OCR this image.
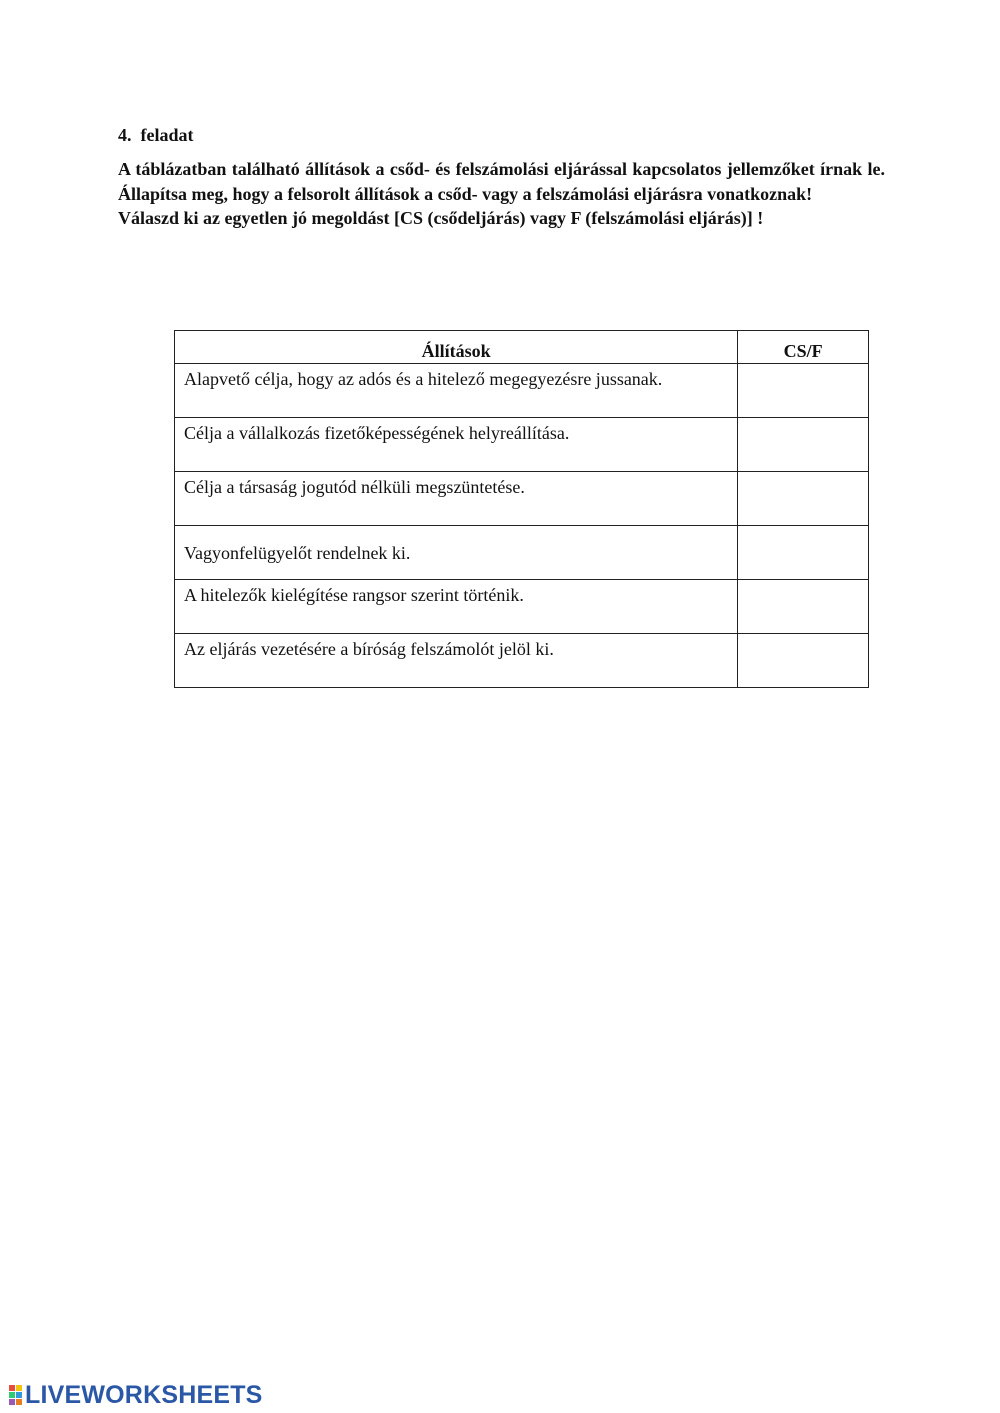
4.  feladat

A táblázatban található állítások a csőd- és felszámolási eljárással kapcsolatos jellemzőket írnak le. Állapítsa meg, hogy a felsorolt állítások a csőd- vagy a felszámolási eljárásra vonatkoznak!

Válaszd ki az egyetlen jó megoldást [CS (csődeljárás) vagy F (felszámolási eljárás)] !

Állítások	CS/F
Alapvető célja, hogy az adós és a hitelező megegyezésre jussanak.	
Célja a vállalkozás fizetőképességének helyreállítása.	
Célja a társaság jogutód nélküli megszüntetése.	
Vagyonfelügyelőt rendelnek ki.	
A hitelezők kielégítése rangsor szerint történik.	
Az eljárás vezetésére a bíróság felszámolót jelöl ki.	
LIVEWORKSHEETS
